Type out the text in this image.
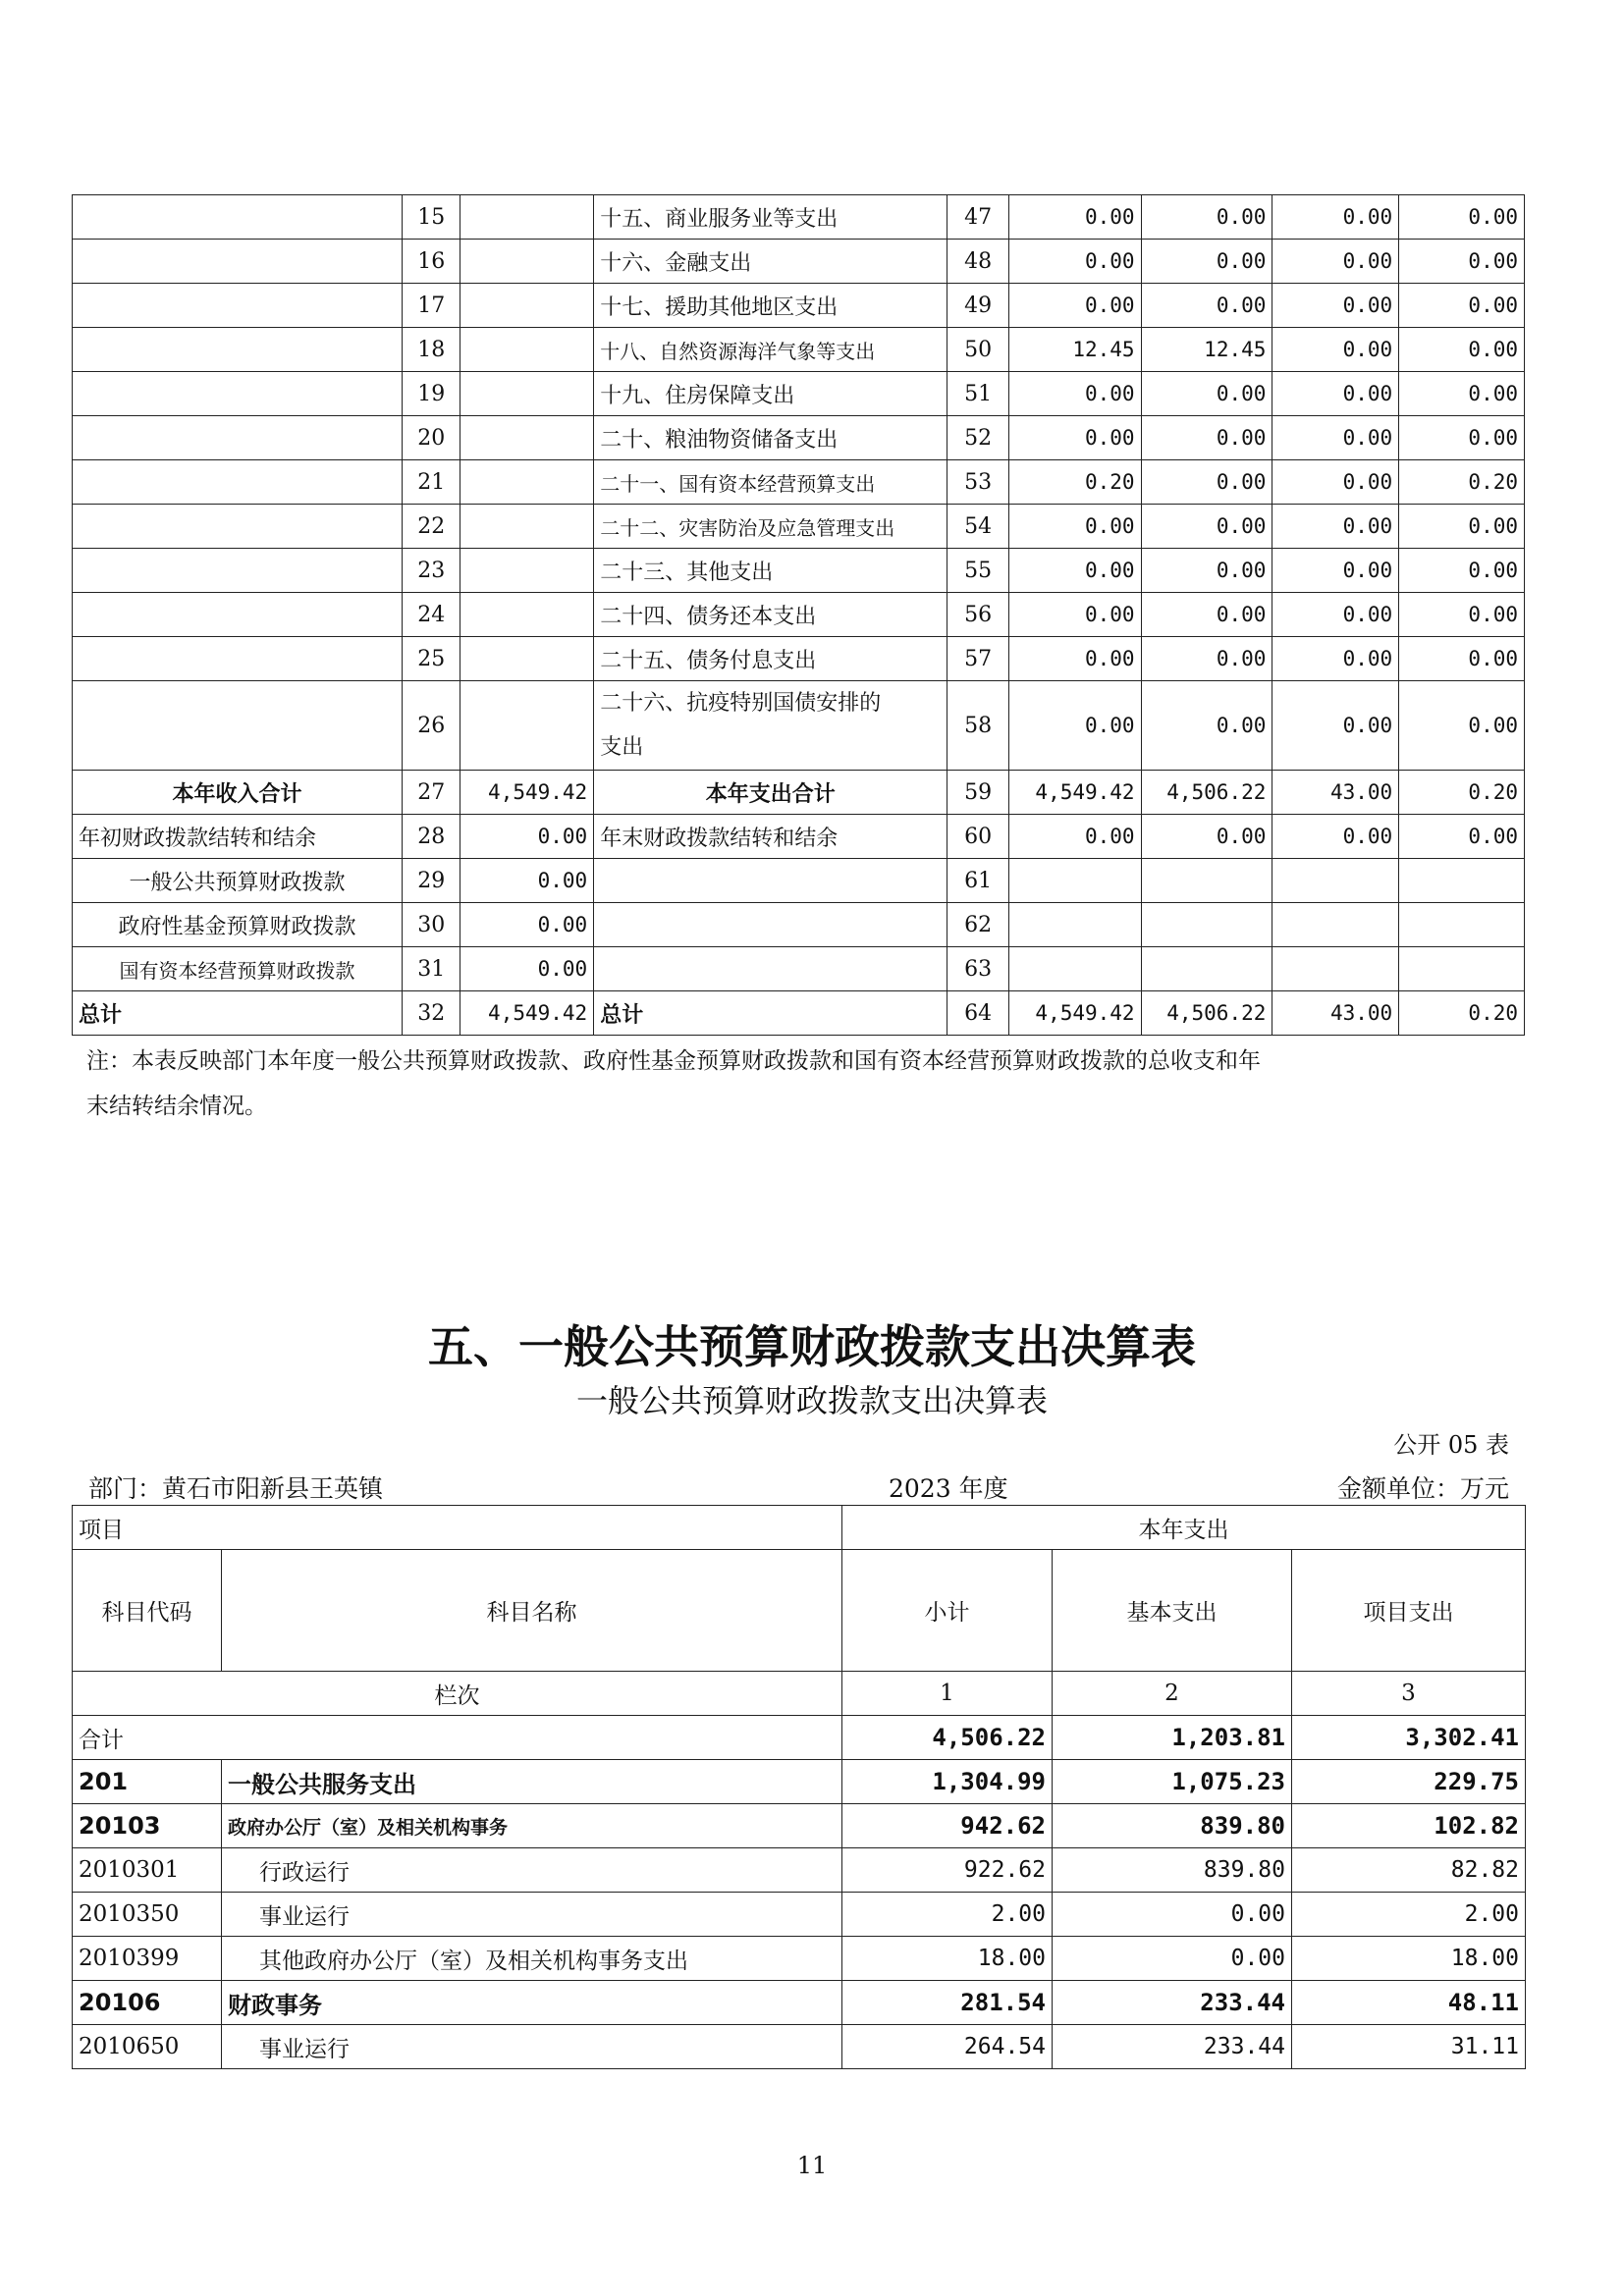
	15		十五、商业服务业等支出	47	0.00	0.00	0.00	0.00
	16		十六、金融支出	48	0.00	0.00	0.00	0.00
	17		十七、援助其他地区支出	49	0.00	0.00	0.00	0.00
	18		十八、自然资源海洋气象等支出	50	12.45	12.45	0.00	0.00
	19		十九、住房保障支出	51	0.00	0.00	0.00	0.00
	20		二十、粮油物资储备支出	52	0.00	0.00	0.00	0.00
	21		二十一、国有资本经营预算支出	53	0.20	0.00	0.00	0.20
	22		二十二、灾害防治及应急管理支出	54	0.00	0.00	0.00	0.00
	23		二十三、其他支出	55	0.00	0.00	0.00	0.00
	24		二十四、债务还本支出	56	0.00	0.00	0.00	0.00
	25		二十五、债务付息支出	57	0.00	0.00	0.00	0.00
	26		二十六、抗疫特别国债安排的
支出	58	0.00	0.00	0.00	0.00
本年收入合计	27	4,549.42	本年支出合计	59	4,549.42	4,506.22	43.00	0.20
年初财政拨款结转和结余	28	0.00	年末财政拨款结转和结余	60	0.00	0.00	0.00	0.00
一般公共预算财政拨款	29	0.00		61				
政府性基金预算财政拨款	30	0.00		62				
国有资本经营预算财政拨款	31	0.00		63				
总计	32	4,549.42	总计	64	4,549.42	4,506.22	43.00	0.20
注：本表反映部门本年度一般公共预算财政拨款、政府性基金预算财政拨款和国有资本经营预算财政拨款的总收支和年
末结转结余情况。
五、一般公共预算财政拨款支出决算表
一般公共预算财政拨款支出决算表
公开 05 表
部门：黄石市阳新县王英镇	2023 年度	金额单位：万元
项目		本年支出		
科目代码	科目名称	小计	基本支出	项目支出
栏次		1	2	3
合计		4,506.22	1,203.81	3,302.41
201	一般公共服务支出	1,304.99	1,075.23	229.75
20103	政府办公厅（室）及相关机构事务	942.62	839.80	102.82
2010301	行政运行	922.62	839.80	82.82
2010350	事业运行	2.00	0.00	2.00
2010399	其他政府办公厅（室）及相关机构事务支出	18.00	0.00	18.00
20106	财政事务	281.54	233.44	48.11
2010650	事业运行	264.54	233.44	31.11
11
